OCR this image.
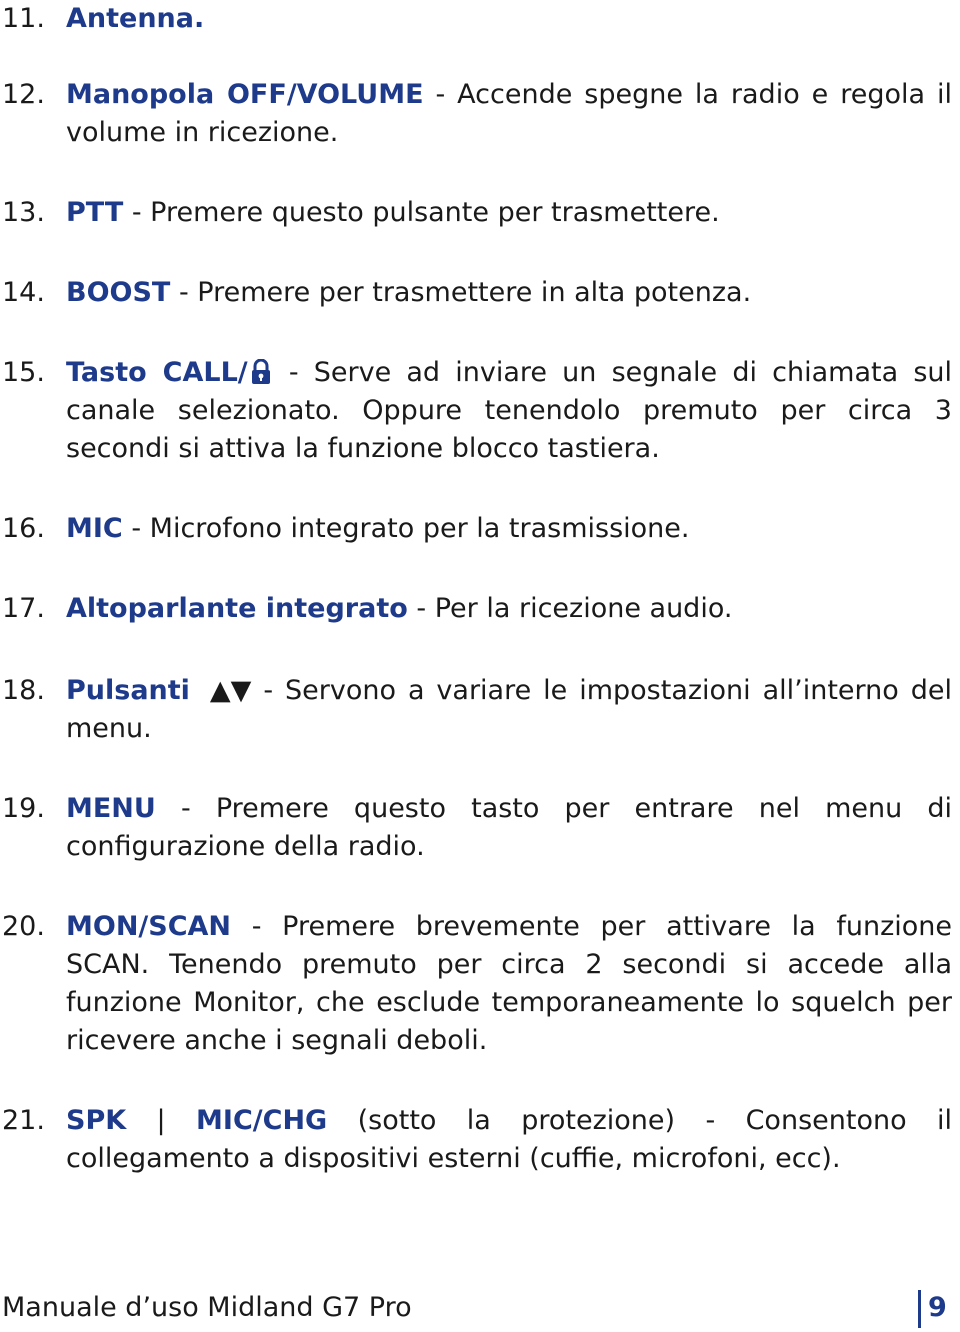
11. Antenna.
12. Manopola OFF/VOLUME - Accende spegne la radio e regola il volume in ricezione.
13. PTT - Premere questo pulsante per trasmettere.
14. BOOST - Premere per trasmettere in alta potenza.
15. Tasto CALL/ - Serve ad inviare un segnale di chiamata sul canale selezionato. Oppure tenendolo premuto per circa 3 secondi si attiva la funzione blocco tastiera.
16. MIC - Microfono integrato per la trasmissione.
17. Altoparlante integrato - Per la ricezione audio.
18. Pulsanti ▲▼ - Servono a variare le impostazioni all’interno del menu.
19. MENU - Premere questo tasto per entrare nel menu di configurazione della radio.
20. MON/SCAN - Premere brevemente per attivare la funzione SCAN. Tenendo premuto per circa 2 secondi si accede alla funzione Monitor, che esclude temporaneamente lo squelch per ricevere anche i segnali deboli.
21. SPK | MIC/CHG (sotto la protezione) - Consentono il collegamento a dispositivi esterni (cuffie, microfoni, ecc).
Manuale d’uso Midland G7 Pro	9
